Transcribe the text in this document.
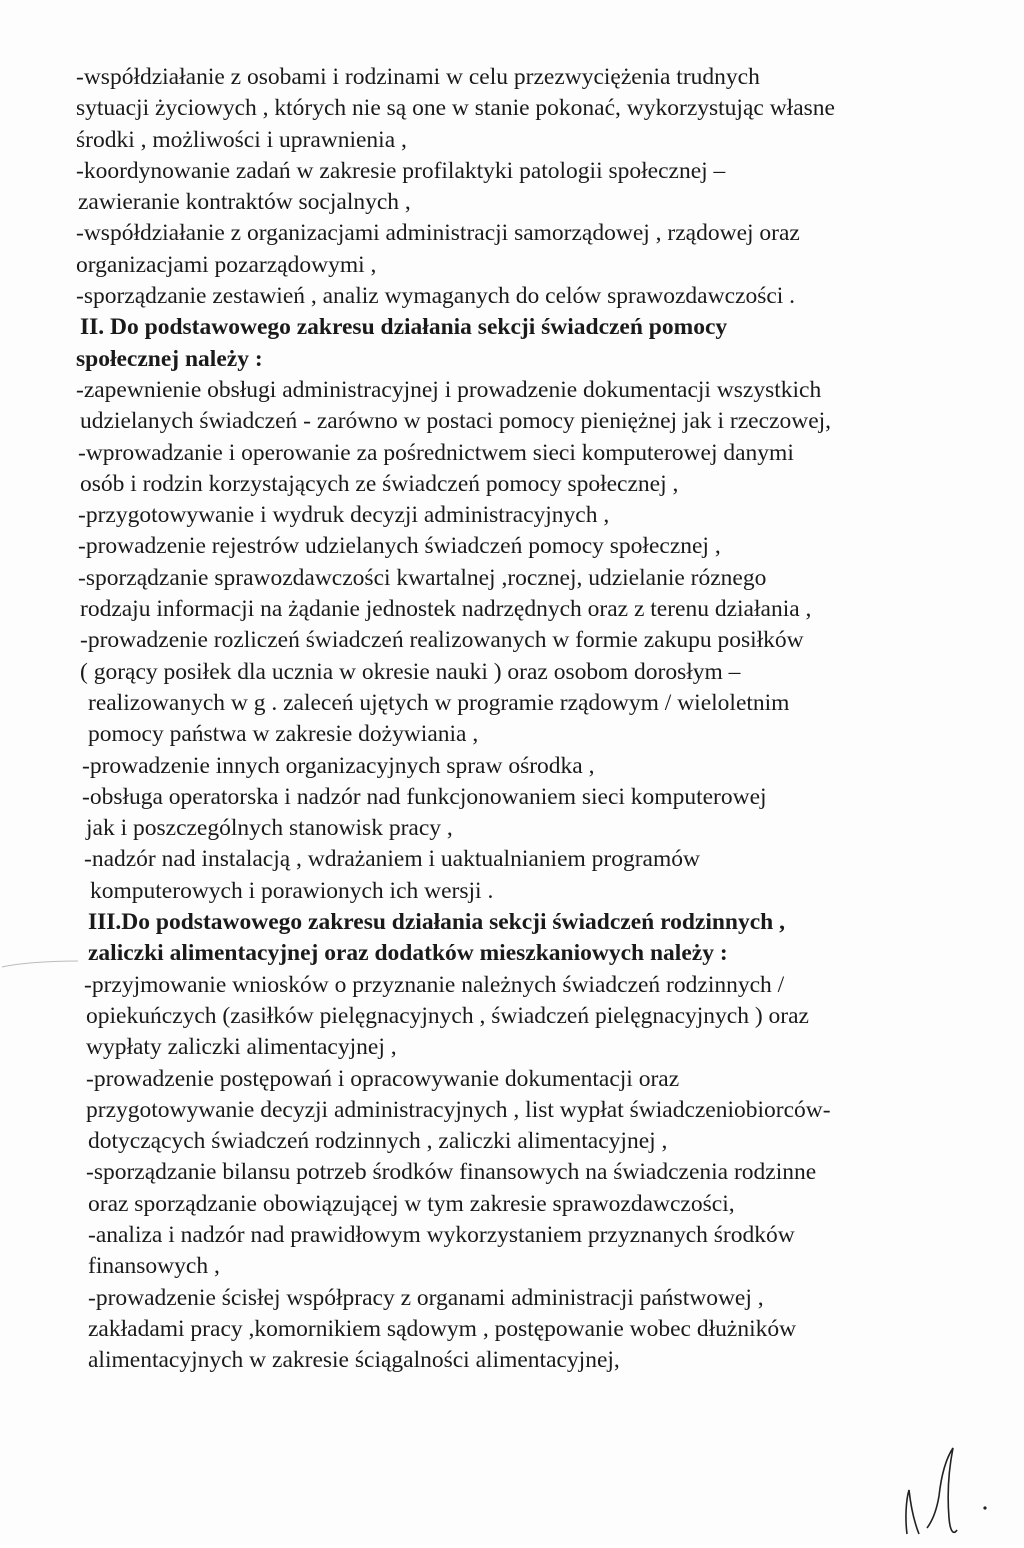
-współdziałanie z osobami i rodzinami w celu przezwyciężenia trudnych
sytuacji życiowych , których nie są one w stanie pokonać, wykorzystując własne
środki , możliwości i uprawnienia ,
-koordynowanie zadań w zakresie profilaktyki patologii społecznej –
zawieranie kontraktów socjalnych ,
-współdziałanie z organizacjami administracji samorządowej , rządowej oraz
organizacjami pozarządowymi ,
-sporządzanie zestawień , analiz wymaganych do celów sprawozdawczości .
II. Do podstawowego zakresu działania sekcji świadczeń pomocy
społecznej należy :
-zapewnienie obsługi administracyjnej i prowadzenie dokumentacji wszystkich
udzielanych świadczeń - zarówno w postaci pomocy pieniężnej jak i rzeczowej,
-wprowadzanie i operowanie za pośrednictwem sieci komputerowej danymi
osób i rodzin korzystających ze świadczeń pomocy społecznej ,
-przygotowywanie i wydruk decyzji administracyjnych ,
-prowadzenie rejestrów udzielanych świadczeń pomocy społecznej ,
-sporządzanie sprawozdawczości kwartalnej ,rocznej, udzielanie róznego
rodzaju informacji na żądanie jednostek nadrzędnych oraz z terenu działania ,
-prowadzenie rozliczeń świadczeń realizowanych w formie zakupu posiłków
( gorący posiłek dla ucznia w okresie nauki ) oraz osobom dorosłym –
realizowanych w g . zaleceń ujętych w programie rządowym / wieloletnim
pomocy państwa w zakresie dożywiania ,
-prowadzenie innych organizacyjnych spraw ośrodka ,
-obsługa operatorska i nadzór nad funkcjonowaniem sieci komputerowej
jak i poszczególnych stanowisk pracy ,
-nadzór nad instalacją , wdrażaniem i uaktualnianiem programów
komputerowych i porawionych ich wersji .
III.Do podstawowego zakresu działania sekcji świadczeń rodzinnych ,
zaliczki alimentacyjnej oraz dodatków mieszkaniowych należy :
-przyjmowanie wniosków o przyznanie należnych świadczeń rodzinnych /
opiekuńczych (zasiłków pielęgnacyjnych , świadczeń pielęgnacyjnych ) oraz
wypłaty zaliczki alimentacyjnej ,
-prowadzenie postępowań i opracowywanie dokumentacji oraz
przygotowywanie decyzji administracyjnych , list wypłat świadczeniobiorców-
dotyczących świadczeń rodzinnych , zaliczki alimentacyjnej ,
-sporządzanie bilansu potrzeb środków finansowych na świadczenia rodzinne
oraz sporządzanie obowiązującej w tym zakresie sprawozdawczości,
-analiza i nadzór nad prawidłowym wykorzystaniem przyznanych środków
finansowych ,
-prowadzenie ścisłej współpracy z organami administracji państwowej ,
zakładami pracy ,komornikiem sądowym , postępowanie wobec dłużników
alimentacyjnych w zakresie ściągalności alimentacyjnej,
